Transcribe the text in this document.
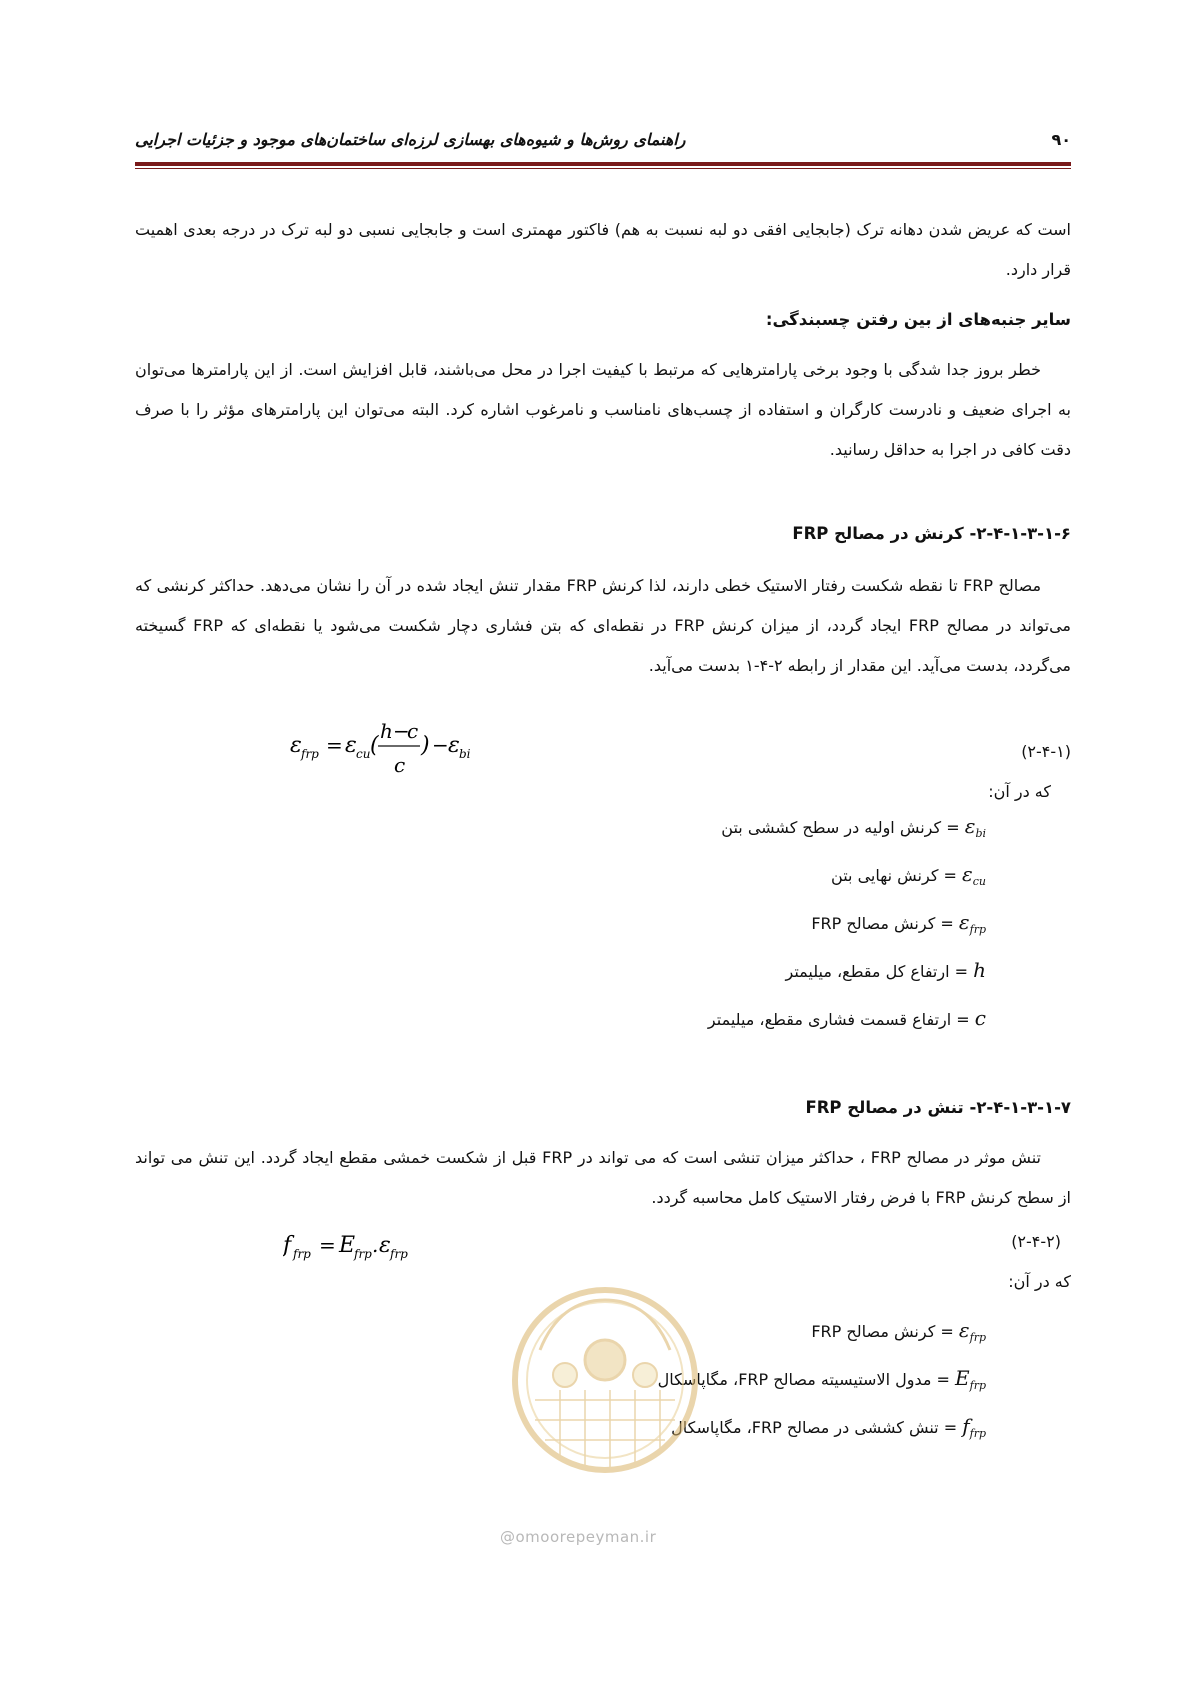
راهنمای روش‌ها و شیوه‌های بهسازی لرزه‌ای ساختمان‌های موجود و جزئیات اجرایی	۹۰
است که عریض شدن دهانه ترک (جابجایی افقی دو لبه نسبت به هم) فاکتور مهمتری است و جابجایی نسبی دو لبه ترک در درجه بعدی اهمیت قرار دارد.
سایر جنبه‌های از بین رفتن چسبندگی:
خطر بروز جدا شدگی با وجود برخی پارامترهایی که مرتبط با کیفیت اجرا در محل می‌باشند، قابل افزایش است. از این پارامترها می‌توان به اجرای ضعیف و نادرست کارگران و استفاده از چسب‌های نامناسب و نامرغوب اشاره کرد. البته می‌توان این پارامترهای مؤثر را با صرف دقت کافی در اجرا به حداقل رسانید.
۲-۴-۱-۳-۱-۶- کرنش در مصالح FRP
مصالح FRP تا نقطه شکست رفتار الاستیک خطی دارند، لذا کرنش FRP مقدار تنش ایجاد شده در آن را نشان می‌دهد. حداکثر کرنشی که می‌تواند در مصالح FRP ایجاد گردد، از میزان کرنش FRP در نقطه‌ای که بتن فشاری دچار شکست می‌شود یا نقطه‌ای که FRP گسیخته می‌گردد، بدست می‌آید. این مقدار از رابطه ۲-۴-۱ بدست می‌آید.
ε frp = ε cu (
h −
c
c
) − ε bi	(۲-۴-۱)
که در آن:
$\varepsilon_{bi}$ = کرنش اولیه در سطح کششی بتن
$\varepsilon_{cu}$ = کرنش نهایی بتن
$\varepsilon_{frp}$ = کرنش مصالح FRP
h = ارتفاع کل مقطع، میلیمتر
c = ارتفاع قسمت فشاری مقطع، میلیمتر
۲-۴-۱-۳-۱-۷- تنش در مصالح FRP
تنش موثر در مصالح FRP ، حداکثر میزان تنشی است که می تواند در FRP قبل از شکست خمشی مقطع ایجاد گردد. این تنش می تواند از سطح کرنش FRP با فرض رفتار الاستیک کامل محاسبه گردد.
f frp = E
frp . ε frp
(۲-۴-۲)
که در آن:
$\varepsilon_{frp}$ = کرنش مصالح FRP
$E_{frp}$ = مدول الاستیسیته مصالح FRP، مگاپاسکال
$f_{frp}$ = تنش کششی در مصالح FRP، مگاپاسکال
@omoorepeyman.ir
